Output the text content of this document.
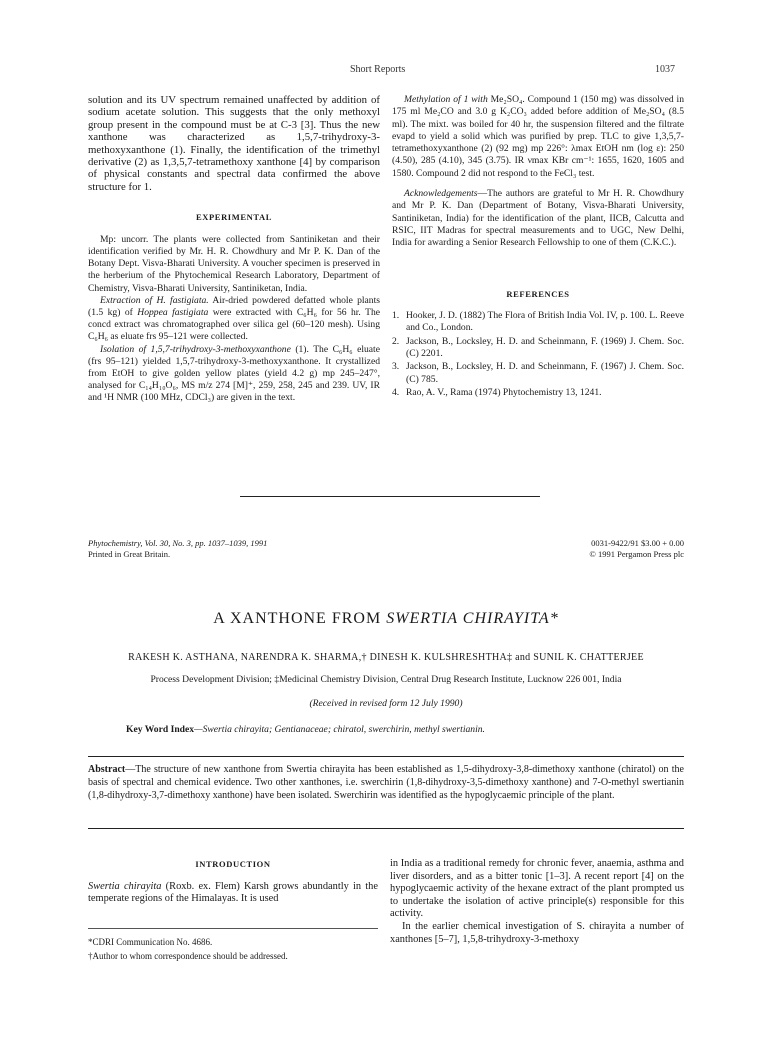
Short Reports	1037

solution and its UV spectrum remained unaffected by addition of sodium acetate solution. This suggests that the only methoxyl group present in the compound must be at C-3 [3]. Thus the new xanthone was characterized as 1,5,7-trihydroxy-3-methoxyxanthone (1). Finally, the identification of the trimethyl derivative (2) as 1,3,5,7-tetramethoxy xanthone [4] by comparison of physical constants and spectral data confirmed the above structure for 1.

EXPERIMENTAL

Mp: uncorr. The plants were collected from Santiniketan and their identification verified by Mr. H. R. Chowdhury and Mr P. K. Dan of the Botany Dept. Visva-Bharati University. A voucher specimen is preserved in the herberium of the Phytochemical Research Laboratory, Department of Chemistry, Visva-Bharati University, Santiniketan, India.

Extraction of H. fastigiata. Air-dried powdered defatted whole plants (1.5 kg) of Hoppea fastigiata were extracted with C₆H₆ for 56 hr. The concd extract was chromatographed over silica gel (60–120 mesh). Using C₆H₆ as eluate frs 95–121 were collected.

Isolation of 1,5,7-trihydroxy-3-methoxyxanthone (1). The C₆H₆ eluate (frs 95–121) yielded 1,5,7-trihydroxy-3-methoxyxanthone. It crystallized from EtOH to give golden yellow plates (yield 4.2 g) mp 245–247°, analysed for C₁₄H₁₀O₆, MS m/z 274 [M]⁺, 259, 258, 245 and 239. UV, IR and ¹H NMR (100 MHz, CDCl₃) are given in the text.

Methylation of 1 with Me₂SO₄. Compound 1 (150 mg) was dissolved in 175 ml Me₂CO and 3.0 g K₂CO₃ added before addition of Me₂SO₄ (8.5 ml). The mixt. was boiled for 40 hr, the suspension filtered and the filtrate evapd to yield a solid which was purified by prep. TLC to give 1,3,5,7-tetramethoxyxanthone (2) (92 mg) mp 226°: λmax EtOH nm (log ε): 250 (4.50), 285 (4.10), 345 (3.75). IR νmax KBr cm⁻¹: 1655, 1620, 1605 and 1580. Compound 2 did not respond to the FeCl₃ test.

Acknowledgements—The authors are grateful to Mr H. R. Chowdhury and Mr P. K. Dan (Department of Botany, Visva-Bharati University, Santiniketan, India) for the identification of the plant, IICB, Calcutta and RSIC, IIT Madras for spectral measurements and to UGC, New Delhi, India for awarding a Senior Research Fellowship to one of them (C.K.C.).

REFERENCES
1. Hooker, J. D. (1882) The Flora of British India Vol. IV, p. 100. L. Reeve and Co., London.
2. Jackson, B., Locksley, H. D. and Scheinmann, F. (1969) J. Chem. Soc. (C) 2201.
3. Jackson, B., Locksley, H. D. and Scheinmann, F. (1967) J. Chem. Soc. (C) 785.
4. Rao, A. V., Rama (1974) Phytochemistry 13, 1241.
Phytochemistry, Vol. 30, No. 3, pp. 1037–1039, 1991
Printed in Great Britain.
0031-9422/91 $3.00 + 0.00
© 1991 Pergamon Press plc
A XANTHONE FROM SWERTIA CHIRAYITA*
RAKESH K. ASTHANA, NARENDRA K. SHARMA,† DINESH K. KULSHRESHTHA‡ and SUNIL K. CHATTERJEE
Process Development Division; ‡Medicinal Chemistry Division, Central Drug Research Institute, Lucknow 226 001, India
(Received in revised form 12 July 1990)
Key Word Index—Swertia chirayita; Gentianaceae; chiratol, swerchirin, methyl swertianin.
Abstract—The structure of new xanthone from Swertia chirayita has been established as 1,5-dihydroxy-3,8-dimethoxy xanthone (chiratol) on the basis of spectral and chemical evidence. Two other xanthones, i.e. swerchirin (1,8-dihydroxy-3,5-dimethoxy xanthone) and 7-O-methyl swertianin (1,8-dihydroxy-3,7-dimethoxy xanthone) have been isolated. Swerchirin was identified as the hypoglycaemic principle of the plant.
INTRODUCTION

Swertia chirayita (Roxb. ex. Flem) Karsh grows abundantly in the temperate regions of the Himalayas. It is used

*CDRI Communication No. 4686.
†Author to whom correspondence should be addressed.

in India as a traditional remedy for chronic fever, anaemia, asthma and liver disorders, and as a bitter tonic [1–3]. A recent report [4] on the hypoglycaemic activity of the hexane extract of the plant prompted us to undertake the isolation of active principle(s) responsible for this activity.

In the earlier chemical investigation of S. chirayita a number of xanthones [5–7], 1,5,8-trihydroxy-3-methoxy
